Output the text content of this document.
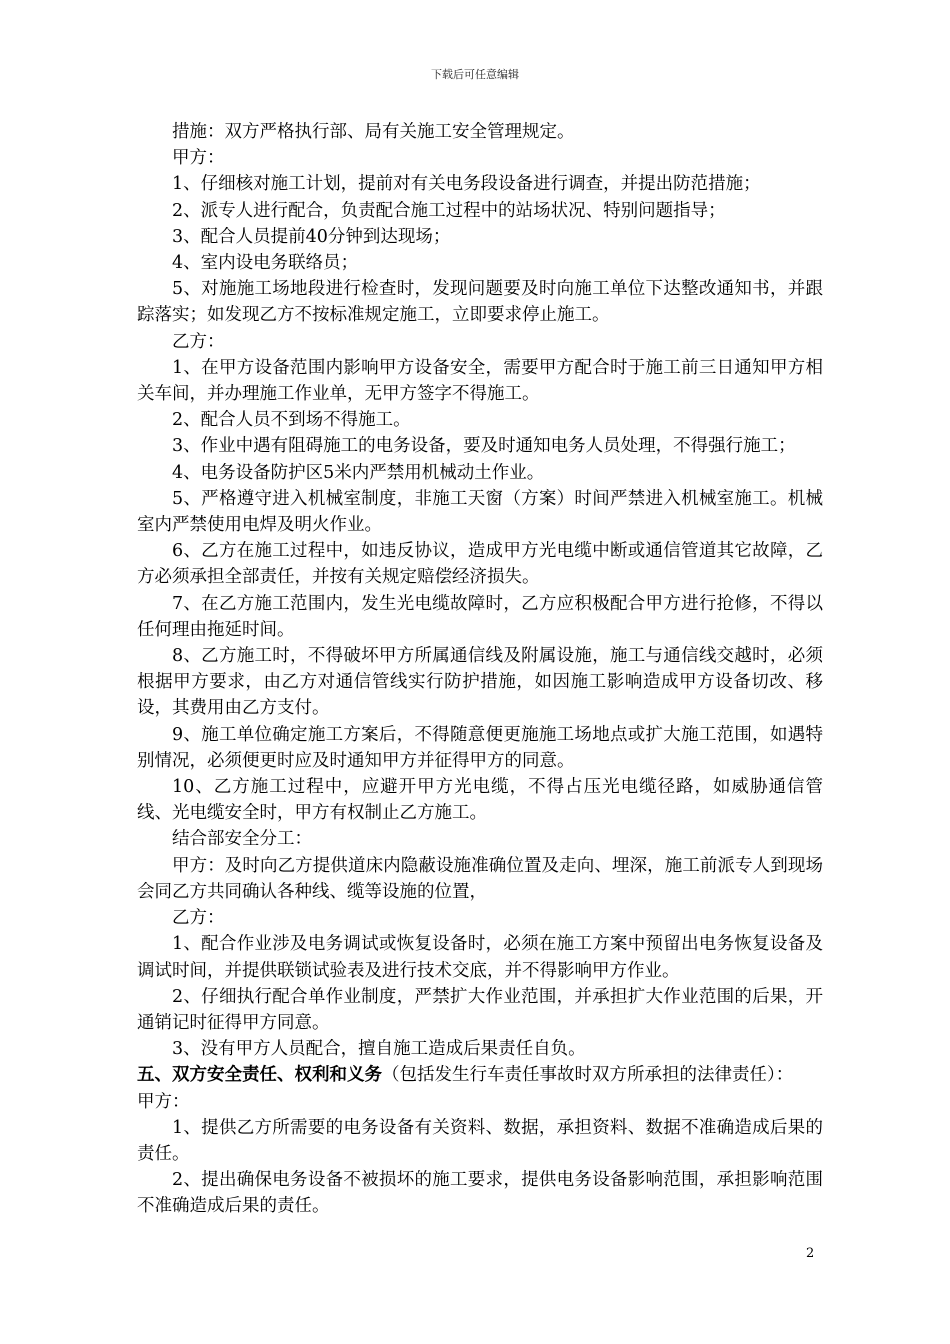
下载后可任意编辑

措施：双方严格执行部、局有关施工安全管理规定。

甲方：

1、仔细核对施工计划，提前对有关电务段设备进行调查，并提出防范措施；

2、派专人进行配合，负责配合施工过程中的站场状况、特别问题指导；

3、配合人员提前40分钟到达现场；

4、室内设电务联络员；

5、对施施工场地段进行检查时，发现问题要及时向施工单位下达整改通知书，并跟踪落实；如发现乙方不按标准规定施工，立即要求停止施工。

乙方：

1、在甲方设备范围内影响甲方设备安全，需要甲方配合时于施工前三日通知甲方相关车间，并办理施工作业单，无甲方签字不得施工。

2、配合人员不到场不得施工。

3、作业中遇有阻碍施工的电务设备，要及时通知电务人员处理，不得强行施工；

4、电务设备防护区5米内严禁用机械动土作业。

5、严格遵守进入机械室制度，非施工天窗（方案）时间严禁进入机械室施工。机械室内严禁使用电焊及明火作业。

6、乙方在施工过程中，如违反协议，造成甲方光电缆中断或通信管道其它故障，乙方必须承担全部责任，并按有关规定赔偿经济损失。

7、在乙方施工范围内，发生光电缆故障时，乙方应积极配合甲方进行抢修，不得以任何理由拖延时间。

8、乙方施工时，不得破坏甲方所属通信线及附属设施，施工与通信线交越时，必须根据甲方要求，由乙方对通信管线实行防护措施，如因施工影响造成甲方设备切改、移设，其费用由乙方支付。

9、施工单位确定施工方案后，不得随意便更施施工场地点或扩大施工范围，如遇特别情况，必须便更时应及时通知甲方并征得甲方的同意。

10、乙方施工过程中，应避开甲方光电缆，不得占压光电缆径路，如威胁通信管线、光电缆安全时，甲方有权制止乙方施工。

结合部安全分工：

甲方：及时向乙方提供道床内隐蔽设施准确位置及走向、埋深，施工前派专人到现场会同乙方共同确认各种线、缆等设施的位置，

乙方：

1、配合作业涉及电务调试或恢复设备时，必须在施工方案中预留出电务恢复设备及调试时间，并提供联锁试验表及进行技术交底，并不得影响甲方作业。

2、仔细执行配合单作业制度，严禁扩大作业范围，并承担扩大作业范围的后果，开通销记时征得甲方同意。

3、没有甲方人员配合，擅自施工造成后果责任自负。

五、双方安全责任、权利和义务（包括发生行车责任事故时双方所承担的法律责任）：

甲方：

1、提供乙方所需要的电务设备有关资料、数据，承担资料、数据不准确造成后果的责任。

2、提出确保电务设备不被损坏的施工要求，提供电务设备影响范围，承担影响范围不准确造成后果的责任。

2
